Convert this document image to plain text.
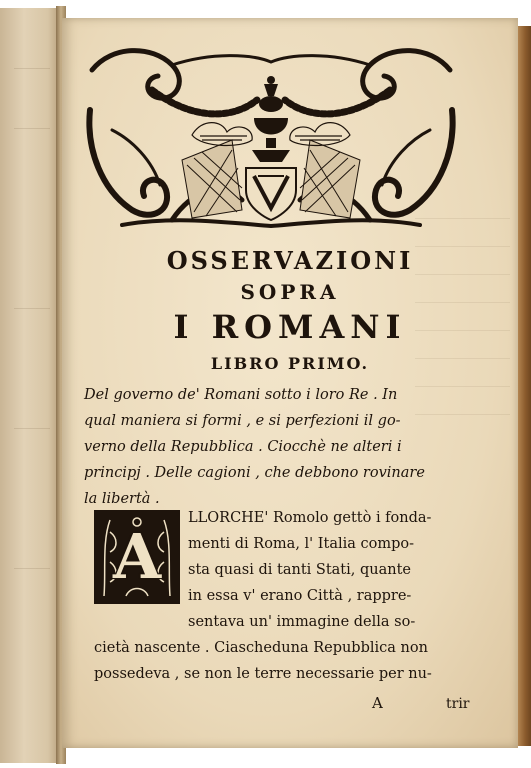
OSSERVAZIONI
SOPRA
I ROMANI
LIBRO PRIMO.
Del governo de' Romani sotto i loro Re . In
qual maniera si formi , e si perfezioni il go-
verno della Repubblica . Ciocchè ne alteri i
principj . Delle cagioni , che debbono rovinare
la libertà .
A

LLORCHE' Romolo gettò i fonda-

menti di Roma, l' Italia compo-

sta quasi di tanti Stati, quante

in essa v' erano Città , rappre-

sentava un' immagine della so-

cietà nascente . Ciascheduna Repubblica non

possedeva , se non le terre necessarie per nu-

A	trir
